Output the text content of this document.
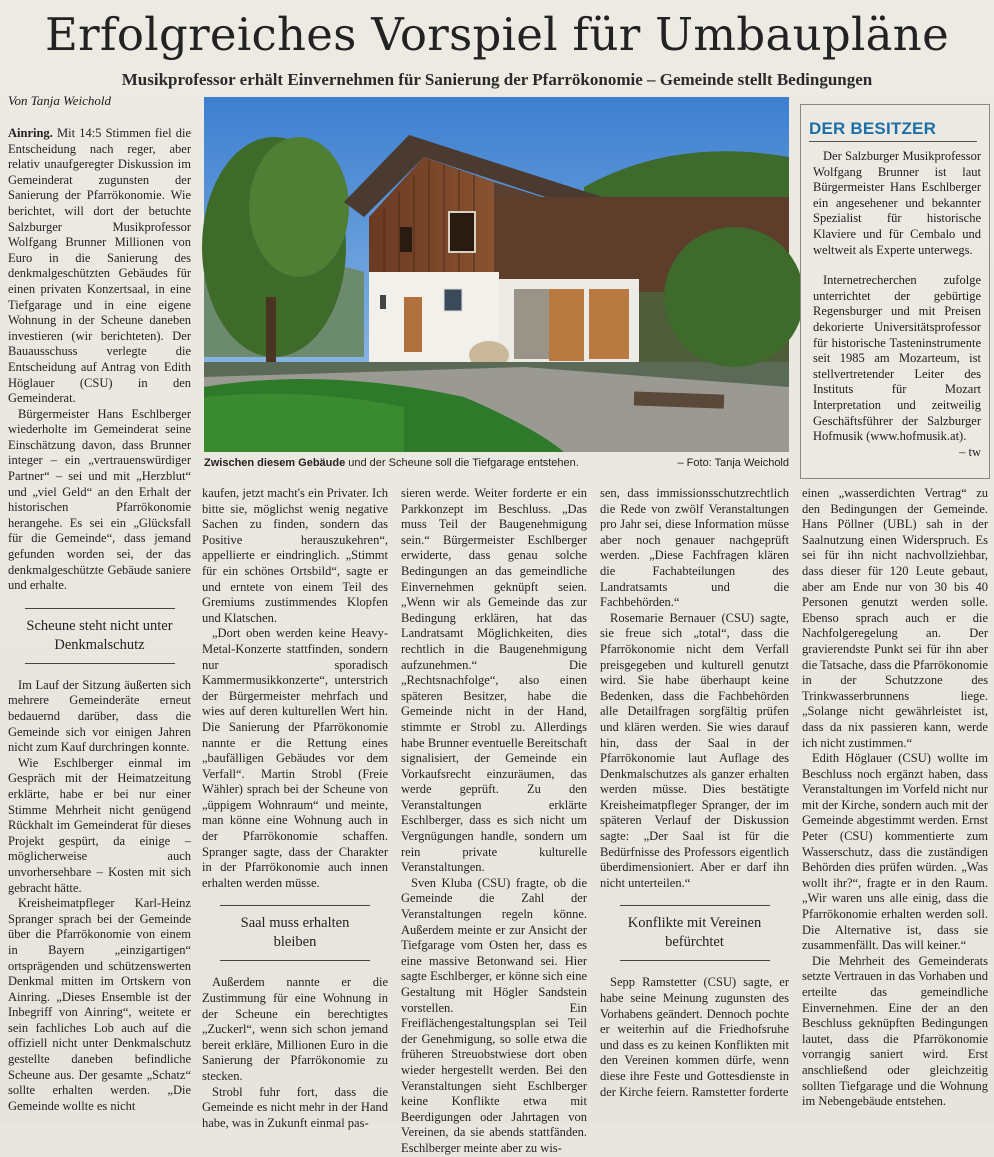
Erfolgreiches Vorspiel für Umbaupläne
Musikprofessor erhält Einvernehmen für Sanierung der Pfarrökonomie – Gemeinde stellt Bedingungen
Von Tanja Weichold

Ainring. Mit 14:5 Stimmen fiel die Entscheidung nach reger, aber relativ unaufgeregter Diskussion im Gemeinderat zugunsten der Sanierung der Pfarrökonomie. Wie berichtet, will dort der betuchte Salzburger Musikprofessor Wolfgang Brunner Millionen von Euro in die Sanierung des denkmalgeschützten Gebäudes für einen privaten Konzertsaal, in eine Tiefgarage und in eine eigene Wohnung in der Scheune daneben investieren (wir berichteten). Der Bauausschuss verlegte die Entscheidung auf Antrag von Edith Höglauer (CSU) in den Gemeinderat.

Bürgermeister Hans Eschlberger wiederholte im Gemeinderat seine Einschätzung davon, dass Brunner integer – ein „vertrauenswürdiger Partner“ – sei und mit „Herzblut“ und „viel Geld“ an den Erhalt der historischen Pfarrökonomie herangehe. Es sei ein „Glücksfall für die Gemeinde“, dass jemand gefunden worden sei, der das denkmalgeschützte Gebäude saniere und erhalte.

Scheune steht nicht unter Denkmalschutz

Im Lauf der Sitzung äußerten sich mehrere Gemeinderäte erneut bedauernd darüber, dass die Gemeinde sich vor einigen Jahren nicht zum Kauf durchringen konnte.

Wie Eschlberger einmal im Gespräch mit der Heimatzeitung erklärte, habe er bei nur einer Stimme Mehrheit nicht genügend Rückhalt im Gemeinderat für dieses Projekt gespürt, da einige – möglicherweise auch unvorhersehbare – Kosten mit sich gebracht hätte.

Kreisheimatpfleger Karl-Heinz Spranger sprach bei der Gemeinde über die Pfarrökonomie von einem in Bayern „einzigartigen“ ortsprägenden und schützenswerten Denkmal mitten im Ortskern von Ainring. „Dieses Ensemble ist der Inbegriff von Ainring“, weitete er sein fachliches Lob auch auf die offiziell nicht unter Denkmalschutz gestellte daneben befindliche Scheune aus. Der gesamte „Schatz“ sollte erhalten werden. „Die Gemeinde wollte es nicht

Zwischen diesem Gebäude und der Scheune soll die Tiefgarage entstehen.	– Foto: Tanja Weichold
DER BESITZER

Der Salzburger Musikprofessor Wolfgang Brunner ist laut Bürgermeister Hans Eschlberger ein angesehener und bekannter Spezialist für historische Klaviere und für Cembalo und weltweit als Experte unterwegs.

Internetrecherchen zufolge unterrichtet der gebürtige Regensburger und mit Preisen dekorierte Universitätsprofessor für historische Tasteninstrumente seit 1985 am Mozarteum, ist stellvertretender Leiter des Instituts für Mozart Interpretation und zeitweilig Geschäftsführer der Salzburger Hofmusik (www.hofmusik.at).
– tw

kaufen, jetzt macht's ein Privater. Ich bitte sie, möglichst wenig negative Sachen zu finden, sondern das Positive herauszukehren“, appellierte er eindringlich. „Stimmt für ein schönes Ortsbild“, sagte er und erntete von einem Teil des Gremiums zustimmendes Klopfen und Klatschen.

„Dort oben werden keine Heavy-Metal-Konzerte stattfinden, sondern nur sporadisch Kammermusikkonzerte“, unterstrich der Bürgermeister mehrfach und wies auf deren kulturellen Wert hin. Die Sanierung der Pfarrökonomie nannte er die Rettung eines „baufälligen Gebäudes vor dem Verfall“. Martin Strobl (Freie Wähler) sprach bei der Scheune von „üppigem Wohnraum“ und meinte, man könne eine Wohnung auch in der Pfarrökonomie schaffen. Spranger sagte, dass der Charakter in der Pfarrökonomie auch innen erhalten werden müsse.

Saal muss erhalten bleiben

Außerdem nannte er die Zustimmung für eine Wohnung in der Scheune ein berechtigtes „Zuckerl“, wenn sich schon jemand bereit erkläre, Millionen Euro in die Sanierung der Pfarrökonomie zu stecken.

Strobl fuhr fort, dass die Gemeinde es nicht mehr in der Hand habe, was in Zukunft einmal pas-

sieren werde. Weiter forderte er ein Parkkonzept im Beschluss. „Das muss Teil der Baugenehmigung sein.“ Bürgermeister Eschlberger erwiderte, dass genau solche Bedingungen an das gemeindliche Einvernehmen geknüpft seien. „Wenn wir als Gemeinde das zur Bedingung erklären, hat das Landratsamt Möglichkeiten, dies rechtlich in die Baugenehmigung aufzunehmen.“ Die „Rechtsnachfolge“, also einen späteren Besitzer, habe die Gemeinde nicht in der Hand, stimmte er Strobl zu. Allerdings habe Brunner eventuelle Bereitschaft signalisiert, der Gemeinde ein Vorkaufsrecht einzuräumen, das werde geprüft. Zu den Veranstaltungen erklärte Eschlberger, dass es sich nicht um Vergnügungen handle, sondern um rein private kulturelle Veranstaltungen.

Sven Kluba (CSU) fragte, ob die Gemeinde die Zahl der Veranstaltungen regeln könne. Außerdem meinte er zur Ansicht der Tiefgarage vom Osten her, dass es eine massive Betonwand sei. Hier sagte Eschlberger, er könne sich eine Gestaltung mit Högler Sandstein vorstellen. Ein Freiflächengestaltungsplan sei Teil der Genehmigung, so solle etwa die früheren Streuobstwiese dort oben wieder hergestellt werden. Bei den Veranstaltungen sieht Eschlberger keine Konflikte etwa mit Beerdigungen oder Jahrtagen von Vereinen, da sie abends stattfänden. Eschlberger meinte aber zu wis-

sen, dass immissionsschutzrechtlich die Rede von zwölf Veranstaltungen pro Jahr sei, diese Information müsse aber noch genauer nachgeprüft werden. „Diese Fachfragen klären die Fachabteilungen des Landratsamts und die Fachbehörden.“

Rosemarie Bernauer (CSU) sagte, sie freue sich „total“, dass die Pfarrökonomie nicht dem Verfall preisgegeben und kulturell genutzt wird. Sie habe überhaupt keine Bedenken, dass die Fachbehörden alle Detailfragen sorgfältig prüfen und klären werden. Sie wies darauf hin, dass der Saal in der Pfarrökonomie laut Auflage des Denkmalschutzes als ganzer erhalten werden müsse. Dies bestätigte Kreisheimatpfleger Spranger, der im späteren Verlauf der Diskussion sagte: „Der Saal ist für die Bedürfnisse des Professors eigentlich überdimensioniert. Aber er darf ihn nicht unterteilen.“

Konflikte mit Vereinen befürchtet

Sepp Ramstetter (CSU) sagte, er habe seine Meinung zugunsten des Vorhabens geändert. Dennoch pochte er weiterhin auf die Friedhofsruhe und dass es zu keinen Konflikten mit den Vereinen kommen dürfe, wenn diese ihre Feste und Gottesdienste in der Kirche feiern. Ramstetter forderte

einen „wasserdichten Vertrag“ zu den Bedingungen der Gemeinde. Hans Pöllner (UBL) sah in der Saalnutzung einen Widerspruch. Es sei für ihn nicht nachvollziehbar, dass dieser für 120 Leute gebaut, aber am Ende nur von 30 bis 40 Personen genutzt werden solle. Ebenso sprach auch er die Nachfolgeregelung an. Der gravierendste Punkt sei für ihn aber die Tatsache, dass die Pfarrökonomie in der Schutzzone des Trinkwasserbrunnens liege. „Solange nicht gewährleistet ist, dass da nix passieren kann, werde ich nicht zustimmen.“

Edith Höglauer (CSU) wollte im Beschluss noch ergänzt haben, dass Veranstaltungen im Vorfeld nicht nur mit der Kirche, sondern auch mit der Gemeinde abgestimmt werden. Ernst Peter (CSU) kommentierte zum Wasserschutz, dass die zuständigen Behörden dies prüfen würden. „Was wollt ihr?“, fragte er in den Raum. „Wir waren uns alle einig, dass die Pfarrökonomie erhalten werden soll. Die Alternative ist, dass sie zusammenfällt. Das will keiner.“

Die Mehrheit des Gemeinderats setzte Vertrauen in das Vorhaben und erteilte das gemeindliche Einvernehmen. Eine der an den Beschluss geknüpften Bedingungen lautet, dass die Pfarrökonomie vorrangig saniert wird. Erst anschließend oder gleichzeitig sollten Tiefgarage und die Wohnung im Nebengebäude entstehen.
